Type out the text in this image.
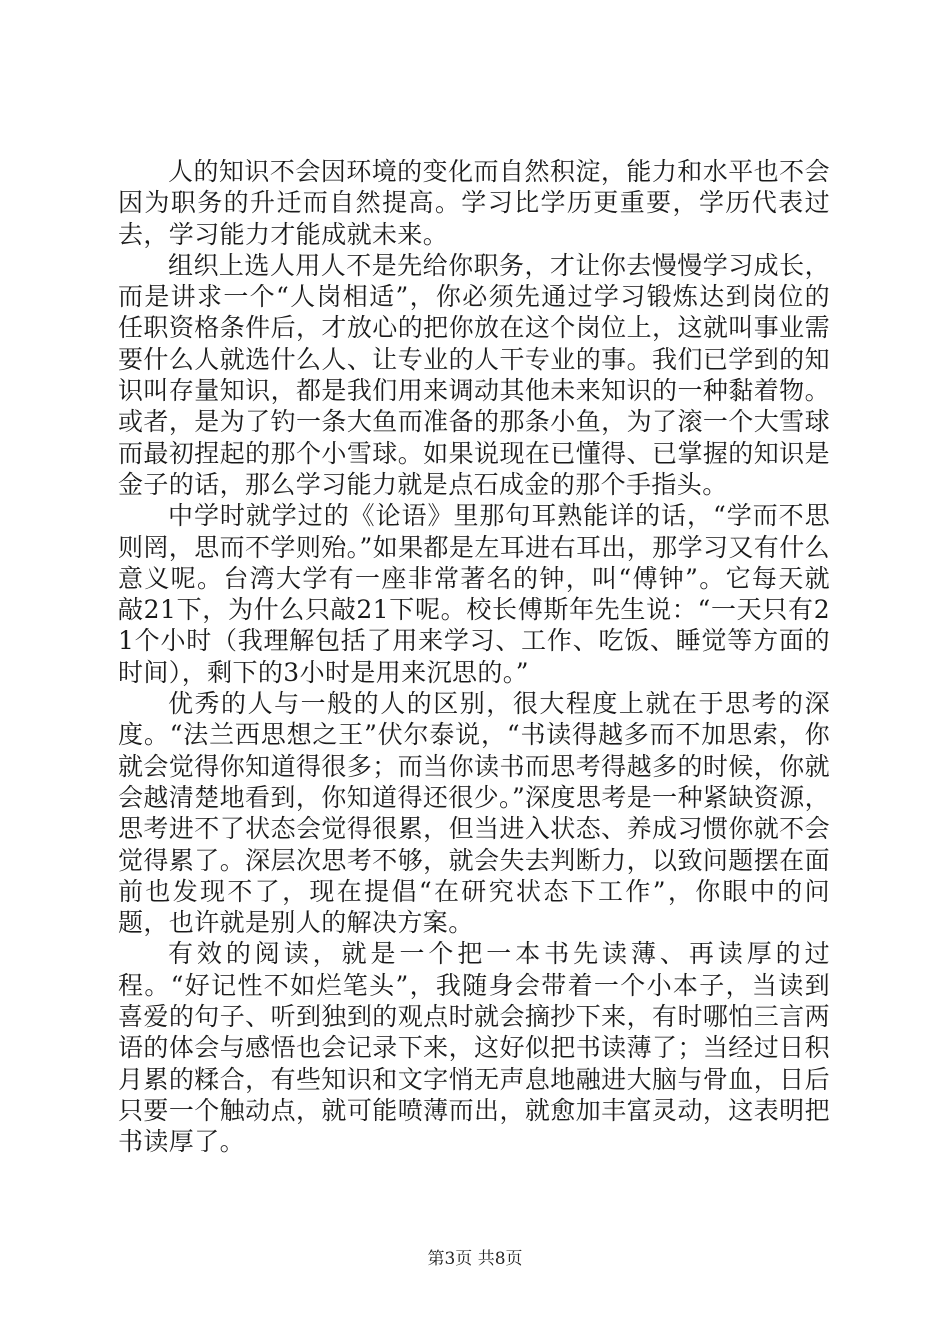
人的知识不会因环境的变化而自然积淀，能力和水平也不会因为职务的升迁而自然提高。学习比学历更重要，学历代表过去，学习能力才能成就未来。

组织上选人用人不是先给你职务，才让你去慢慢学习成长，而是讲求一个“人岗相适”，你必须先通过学习锻炼达到岗位的任职资格条件后，才放心的把你放在这个岗位上，这就叫事业需要什么人就选什么人、让专业的人干专业的事。我们已学到的知识叫存量知识，都是我们用来调动其他未来知识的一种黏着物。或者，是为了钓一条大鱼而准备的那条小鱼，为了滚一个大雪球而最初捏起的那个小雪球。如果说现在已懂得、已掌握的知识是金子的话，那么学习能力就是点石成金的那个手指头。

中学时就学过的《论语》里那句耳熟能详的话，“学而不思则罔，思而不学则殆。”如果都是左耳进右耳出，那学习又有什么意义呢。台湾大学有一座非常著名的钟，叫“傅钟”。它每天就敲21下，为什么只敲21下呢。校长傅斯年先生说：“一天只有21个小时（我理解包括了用来学习、工作、吃饭、睡觉等方面的时间），剩下的3小时是用来沉思的。”

优秀的人与一般的人的区别，很大程度上就在于思考的深度。“法兰西思想之王”伏尔泰说，“书读得越多而不加思索，你就会觉得你知道得很多；而当你读书而思考得越多的时候，你就会越清楚地看到，你知道得还很少。”深度思考是一种紧缺资源，思考进不了状态会觉得很累，但当进入状态、养成习惯你就不会觉得累了。深层次思考不够，就会失去判断力，以致问题摆在面前也发现不了，现在提倡“在研究状态下工作”，你眼中的问题，也许就是别人的解决方案。

有效的阅读，就是一个把一本书先读薄、再读厚的过程。“好记性不如烂笔头”，我随身会带着一个小本子，当读到喜爱的句子、听到独到的观点时就会摘抄下来，有时哪怕三言两语的体会与感悟也会记录下来，这好似把书读薄了；当经过日积月累的糅合，有些知识和文字悄无声息地融进大脑与骨血，日后只要一个触动点，就可能喷薄而出，就愈加丰富灵动，这表明把书读厚了。

第3页 共8页
